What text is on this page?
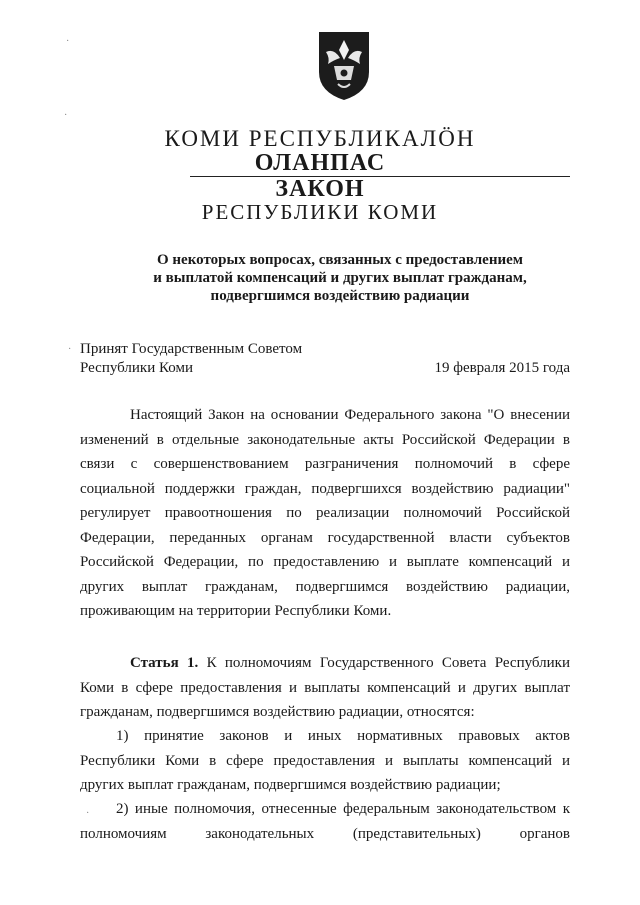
КОМИ РЕСПУБЛИКАЛÖН
ОЛАНПАС
ЗАКОН
РЕСПУБЛИКИ КОМИ
О некоторых вопросах, связанных с предоставлением
и выплатой компенсаций и других выплат гражданам,
подвергшимся воздействию радиации
Принят Государственным Советом
Республики Коми	19 февраля 2015 года
Настоящий Закон на основании Федерального закона "О внесении
изменений в отдельные законодательные акты Российской Федерации в
связи с совершенствованием разграничения полномочий в сфере
социальной поддержки граждан, подвергшихся воздействию радиации"
регулирует правоотношения по реализации полномочий Российской
Федерации, переданных органам государственной власти субъектов
Российской Федерации, по предоставлению и выплате компенсаций и
других выплат гражданам, подвергшимся воздействию радиации,
проживающим на территории Республики Коми.
Статья 1. К полномочиям Государственного Совета Республики
Коми в сфере предоставления и выплаты компенсаций и других выплат
гражданам, подвергшимся воздействию радиации, относятся:
1) принятие законов и иных нормативных правовых актов
Республики Коми в сфере предоставления и выплаты компенсаций и
других выплат гражданам, подвергшимся воздействию радиации;
2) иные полномочия, отнесенные федеральным законодательством к
полномочиям законодательных (представительных) органов
·
·
·
·
